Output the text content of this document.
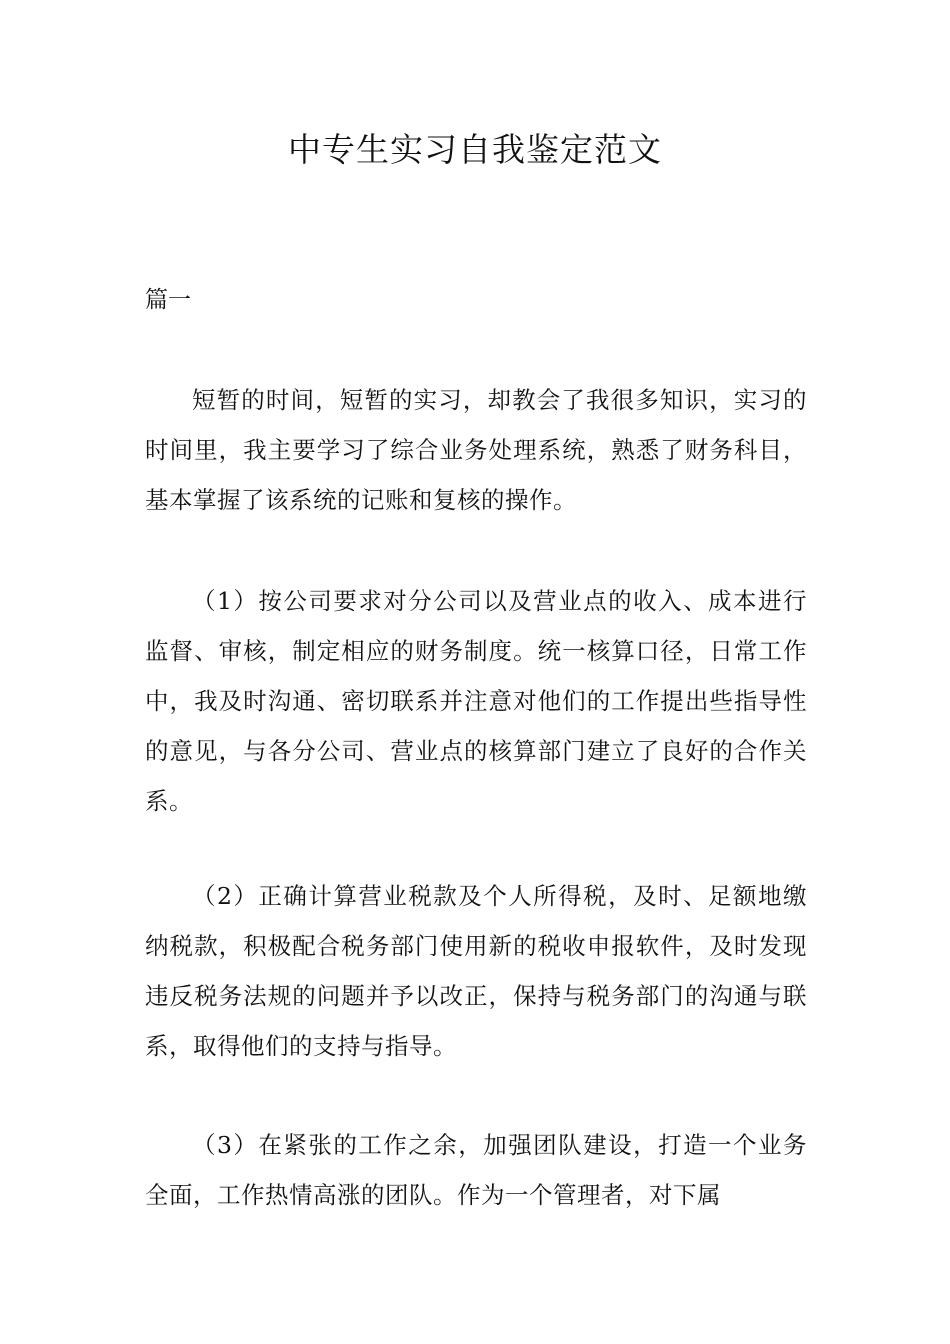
中专生实习自我鉴定范文

篇一

短暂的时间，短暂的实习，却教会了我很多知识，实习的时间里，我主要学习了综合业务处理系统，熟悉了财务科目，基本掌握了该系统的记账和复核的操作。

（1）按公司要求对分公司以及营业点的收入、成本进行监督、审核，制定相应的财务制度。统一核算口径，日常工作中，我及时沟通、密切联系并注意对他们的工作提出些指导性的意见，与各分公司、营业点的核算部门建立了良好的合作关系。

（2）正确计算营业税款及个人所得税，及时、足额地缴纳税款，积极配合税务部门使用新的税收申报软件，及时发现违反税务法规的问题并予以改正，保持与税务部门的沟通与联系，取得他们的支持与指导。

（3）在紧张的工作之余，加强团队建设，打造一个业务全面，工作热情高涨的团队。作为一个管理者，对下属
